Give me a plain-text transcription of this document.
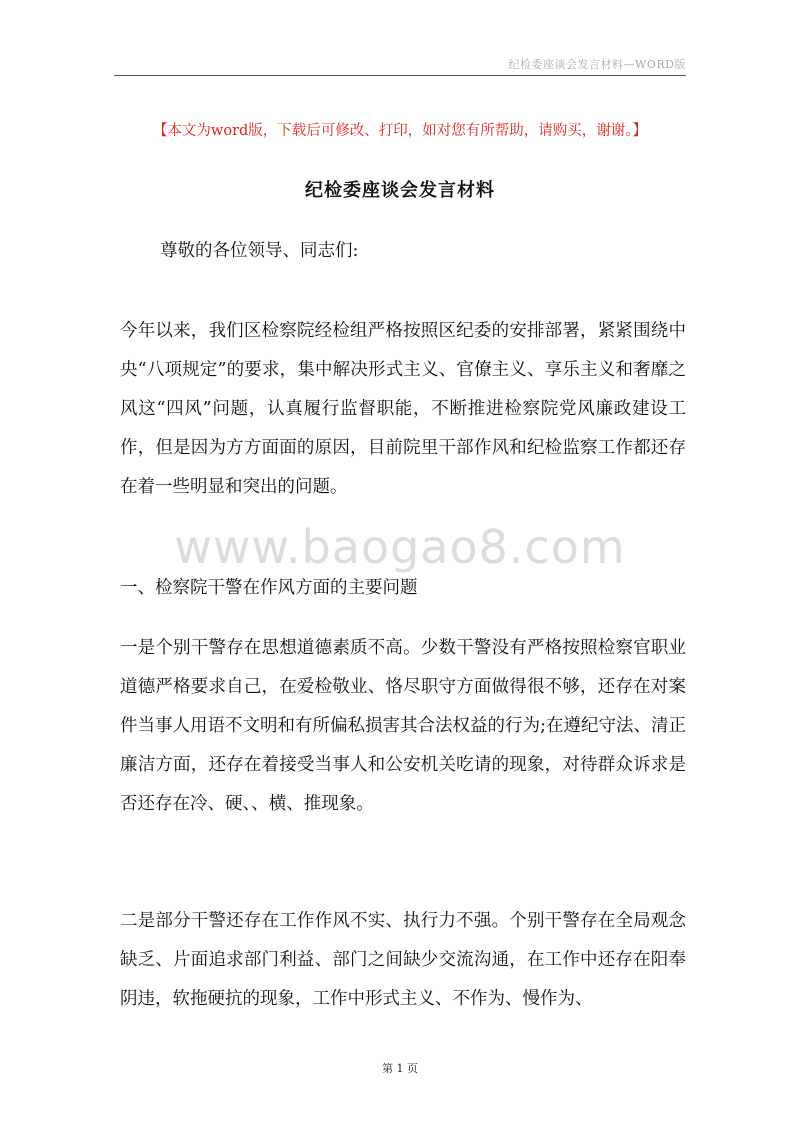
纪检委座谈会发言材料—WORD版
【本文为word版，下载后可修改、打印，如对您有所帮助，请购买，谢谢。】
纪检委座谈会发言材料
尊敬的各位领导、同志们:
今年以来，我们区检察院经检组严格按照区纪委的安排部署，紧紧围绕中央“八项规定”的要求，集中解决形式主义、官僚主义、享乐主义和奢靡之风这“四风”问题，认真履行监督职能，不断推进检察院党风廉政建设工作，但是因为方方面面的原因，目前院里干部作风和纪检监察工作都还存在着一些明显和突出的问题。
www.baogao8.com
一、检察院干警在作风方面的主要问题
一是个别干警存在思想道德素质不高。少数干警没有严格按照检察官职业道德严格要求自己，在爱检敬业、恪尽职守方面做得很不够，还存在对案件当事人用语不文明和有所偏私损害其合法权益的行为;在遵纪守法、清正廉洁方面，还存在着接受当事人和公安机关吃请的现象，对待群众诉求是否还存在冷、硬、、横、推现象。
二是部分干警还存在工作作风不实、执行力不强。个别干警存在全局观念缺乏、片面追求部门利益、部门之间缺少交流沟通，在工作中还存在阳奉阴违，软拖硬抗的现象，工作中形式主义、不作为、慢作为、
第 1 页
